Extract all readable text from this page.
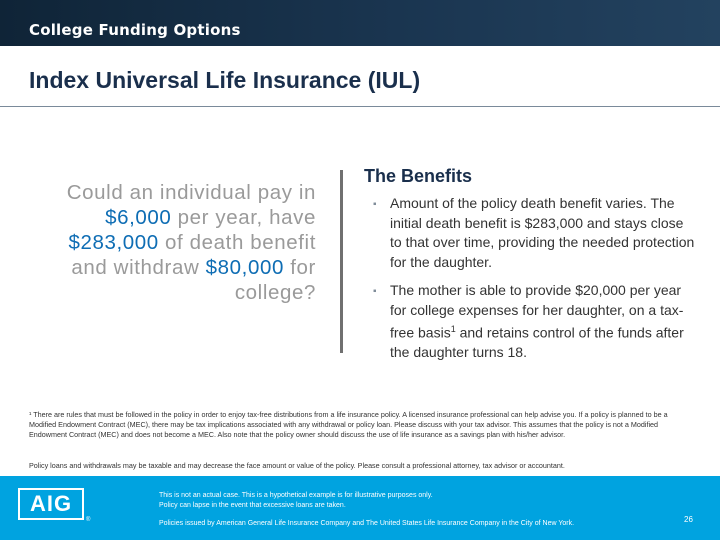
College Funding Options
Index Universal Life Insurance (IUL)
Could an individual pay in $6,000 per year, have $283,000 of death benefit and withdraw $80,000 for college?
The Benefits
▪ Amount of the policy death benefit varies. The initial death benefit is $283,000 and stays close to that over time, providing the needed protection for the daughter.
▪ The mother is able to provide $20,000 per year for college expenses for her daughter, on a tax-free basis$^1$ and retains control of the funds after the daughter turns 18.
¹ There are rules that must be followed in the policy in order to enjoy tax-free distributions from a life insurance policy. A licensed insurance professional can help advise you. If a policy is planned to be a Modified Endowment Contract (MEC), there may be tax implications associated with any withdrawal or policy loan. Please discuss with your tax advisor. This assumes that the policy is not a Modified Endowment Contract (MEC) and does not become a MEC. Also note that the policy owner should discuss the use of life insurance as a savings plan with his/her advisor.
Policy loans and withdrawals may be taxable and may decrease the face amount or value of the policy. Please consult a professional attorney, tax advisor or accountant.
AIG
®
This is not an actual case. This is a hypothetical example is for illustrative purposes only.
Policy can lapse in the event that excessive loans are taken.
Policies issued by American General Life Insurance Company and The United States Life Insurance Company in the City of New York.	26
